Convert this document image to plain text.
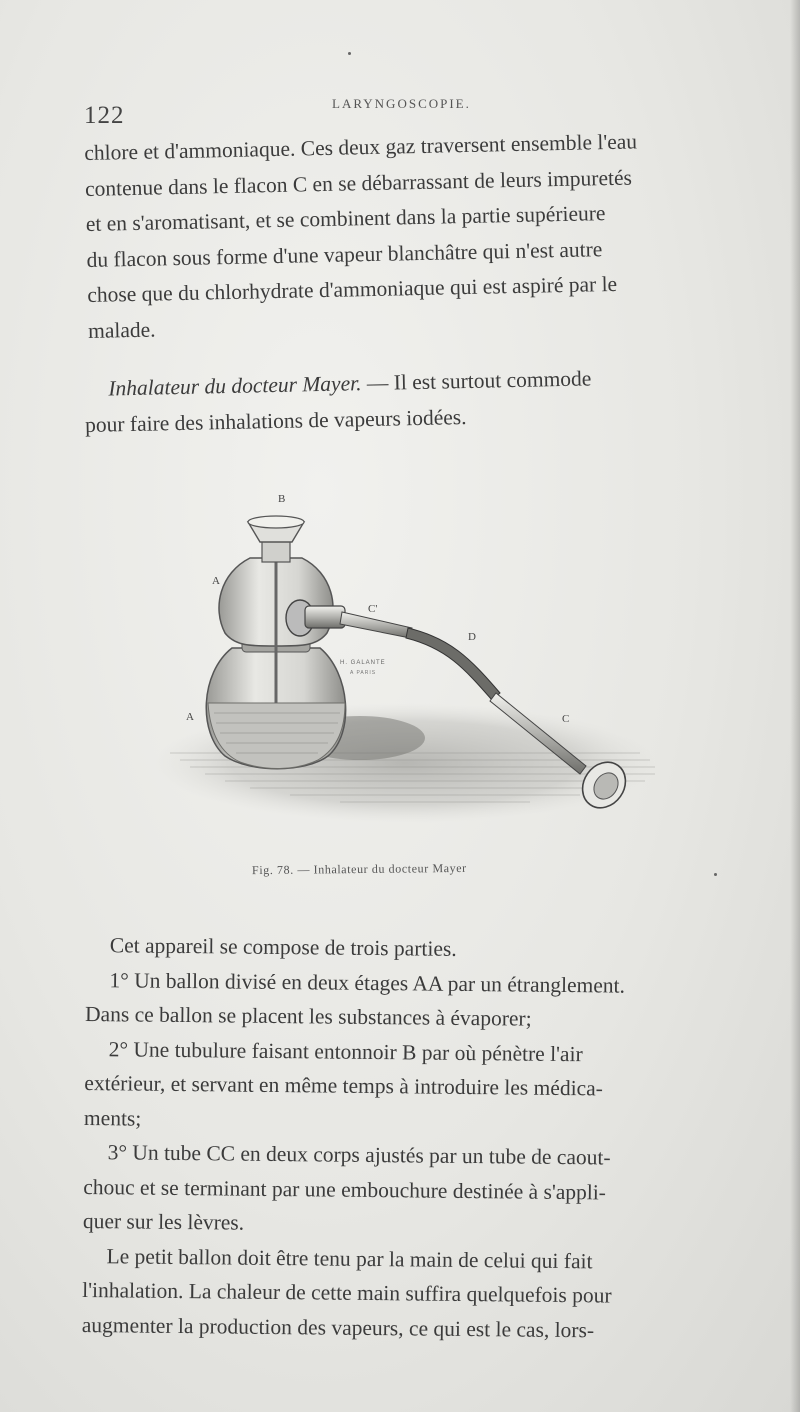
122	LARYNGOSCOPIE.
chlore et d'ammoniaque. Ces deux gaz traversent ensemble l'eau
contenue dans le flacon C en se débarrassant de leurs impuretés
et en s'aromatisant, et se combinent dans la partie supérieure
du flacon sous forme d'une vapeur blanchâtre qui n'est autre
chose que du chlorhydrate d'ammoniaque qui est aspiré par le
malade.
Inhalateur du docteur Mayer. — Il est surtout commode
pour faire des inhalations de vapeurs iodées.
B
A
A
C'
D
C
H. GALANTE
A PARIS
Fig. 78. — Inhalateur du docteur Mayer

Cet appareil se compose de trois parties.

1° Un ballon divisé en deux étages AA par un étranglement.

Dans ce ballon se placent les substances à évaporer;

2° Une tubulure faisant entonnoir B par où pénètre l'air

extérieur, et servant en même temps à introduire les médica-

ments;

3° Un tube CC en deux corps ajustés par un tube de caout-

chouc et se terminant par une embouchure destinée à s'appli-

quer sur les lèvres.

Le petit ballon doit être tenu par la main de celui qui fait

l'inhalation. La chaleur de cette main suffira quelquefois pour

augmenter la production des vapeurs, ce qui est le cas, lors-
